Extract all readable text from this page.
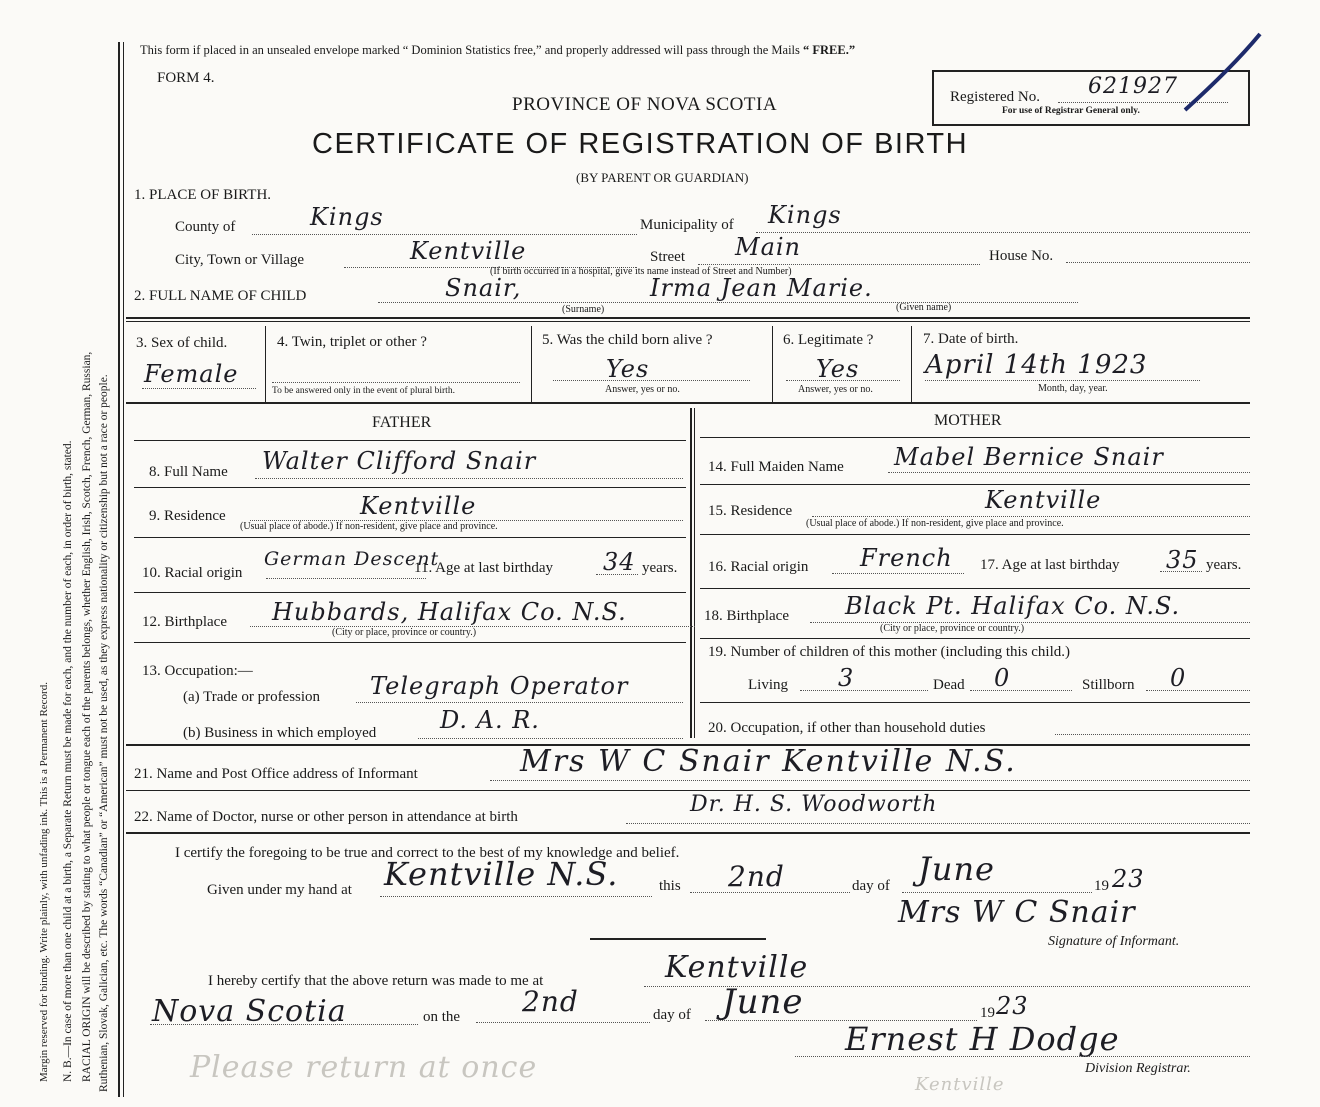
Margin reserved for binding. Write plainly, with unfading ink. This is a Permanent Record. N. B.—In case of more than one child at a birth, a Separate Return must be made for each, and the number of each, in order of birth, stated. RACIAL ORIGIN will be described by stating to what people or tongue each of the parents belongs, whether English, Irish, Scotch, French, German, Russian, Ruthenian, Slovak, Galician, etc. The words “Canadian” or “American” must not be used, as they express nationality or citizenship but not a race or people.
This form if placed in an unsealed envelope marked “ Dominion Statistics free,” and properly addressed will pass through the Mails “ FREE.”
FORM 4.
PROVINCE OF NOVA SCOTIA
CERTIFICATE OF REGISTRATION OF BIRTH
(BY PARENT OR GUARDIAN)
Registered No. 621927
For use of Registrar General only.
1. PLACE OF BIRTH.
County of	Kings	Municipality of Kings
City, Town or Village	Kentville	Street Main	House No.
(If birth occurred in a hospital, give its name instead of Street and Number)
2. FULL NAME OF CHILD	Snair,	Irma Jean Marie.
(Surname)	(Given name)
3. Sex of child.
Female
4. Twin, triplet or other ?
To be answered only in the event of plural birth.
5. Was the child born alive ?
Yes
Answer, yes or no.
6. Legitimate ?
Yes
Answer, yes or no.
7. Date of birth.
April 14th 1923
Month, day, year.
FATHER	MOTHER
8. Full Name Walter Clifford Snair
9. Residence	Kentville
(Usual place of abode.) If non-resident, give place and province.
10. Racial origin
German Descent
11. Age at last birthday 34 years.
12. Birthplace Hubbards, Halifax Co. N.S.
(City or place, province or country.)
13. Occupation:—
(a) Trade or profession Telegraph Operator
(b) Business in which employed	D. A. R.
14. Full Maiden Name Mabel Bernice Snair
15. Residence	Kentville
(Usual place of abode.) If non-resident, give place and province.
16. Racial origin French 17. Age at last birthday 35 years.
18. Birthplace Black Pt. Halifax Co. N.S.
(City or place, province or country.)
19. Number of children of this mother (including this child.)
Living 3	Dead 0	Stillborn 0
20. Occupation, if other than household duties
21. Name and Post Office address of Informant	Mrs W C Snair Kentville N.S.
22. Name of Doctor, nurse or other person in attendance at birth	Dr. H. S. Woodworth
I certify the foregoing to be true and correct to the best of my knowledge and belief.
Given under my hand at Kentville N.S.	this 2nd	day of June	19 23
Mrs W C Snair
Signature of Informant.
I hereby certify that the above return was made to me at	Kentville
Nova Scotia	on the 2nd	day of June	19 23
Ernest H Dodge
Division Registrar.
Please return at once	Kentville
